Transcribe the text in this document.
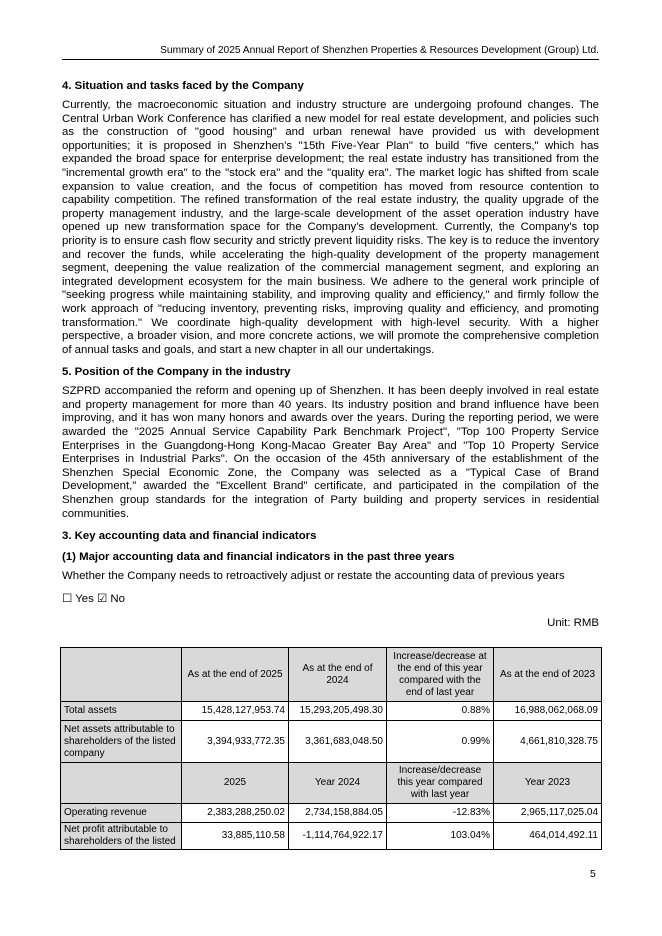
Summary of 2025 Annual Report of Shenzhen Properties & Resources Development (Group) Ltd.
4. Situation and tasks faced by the Company

Currently, the macroeconomic situation and industry structure are undergoing profound changes. The Central Urban Work Conference has clarified a new model for real estate development, and policies such as the construction of "good housing" and urban renewal have provided us with development opportunities; it is proposed in Shenzhen's "15th Five-Year Plan" to build "five centers," which has expanded the broad space for enterprise development; the real estate industry has transitioned from the "incremental growth era" to the "stock era" and the "quality era". The market logic has shifted from scale expansion to value creation, and the focus of competition has moved from resource contention to capability competition. The refined transformation of the real estate industry, the quality upgrade of the property management industry, and the large-scale development of the asset operation industry have opened up new transformation space for the Company's development. Currently, the Company's top priority is to ensure cash flow security and strictly prevent liquidity risks. The key is to reduce the inventory and recover the funds, while accelerating the high-quality development of the property management segment, deepening the value realization of the commercial management segment, and exploring an integrated development ecosystem for the main business. We adhere to the general work principle of "seeking progress while maintaining stability, and improving quality and efficiency," and firmly follow the work approach of "reducing inventory, preventing risks, improving quality and efficiency, and promoting transformation." We coordinate high-quality development with high-level security. With a higher perspective, a broader vision, and more concrete actions, we will promote the comprehensive completion of annual tasks and goals, and start a new chapter in all our undertakings.

5. Position of the Company in the industry

SZPRD accompanied the reform and opening up of Shenzhen. It has been deeply involved in real estate and property management for more than 40 years. Its industry position and brand influence have been improving, and it has won many honors and awards over the years. During the reporting period, we were awarded the "2025 Annual Service Capability Park Benchmark Project", "Top 100 Property Service Enterprises in the Guangdong-Hong Kong-Macao Greater Bay Area" and "Top 10 Property Service Enterprises in Industrial Parks". On the occasion of the 45th anniversary of the establishment of the Shenzhen Special Economic Zone, the Company was selected as a "Typical Case of Brand Development," awarded the "Excellent Brand" certificate, and participated in the compilation of the Shenzhen group standards for the integration of Party building and property services in residential communities.

3. Key accounting data and financial indicators
(1) Major accounting data and financial indicators in the past three years

Whether the Company needs to retroactively adjust or restate the accounting data of previous years

☐ Yes ☑ No
Unit: RMB
	As at the end of 2025	As at the end of 2024	Increase/decrease at the end of this year compared with the end of last year	As at the end of 2023
Total assets	15,428,127,953.74	15,293,205,498.30	0.88%	16,988,062,068.09
Net assets attributable to shareholders of the listed company	3,394,933,772.35	3,361,683,048.50	0.99%	4,661,810,328.75
	2025	Year 2024	Increase/decrease this year compared with last year	Year 2023
Operating revenue	2,383,288,250.02	2,734,158,884.05	-12.83%	2,965,117,025.04
Net profit attributable to shareholders of the listed	33,885,110.58	-1,114,764,922.17	103.04%	464,014,492.11
5
